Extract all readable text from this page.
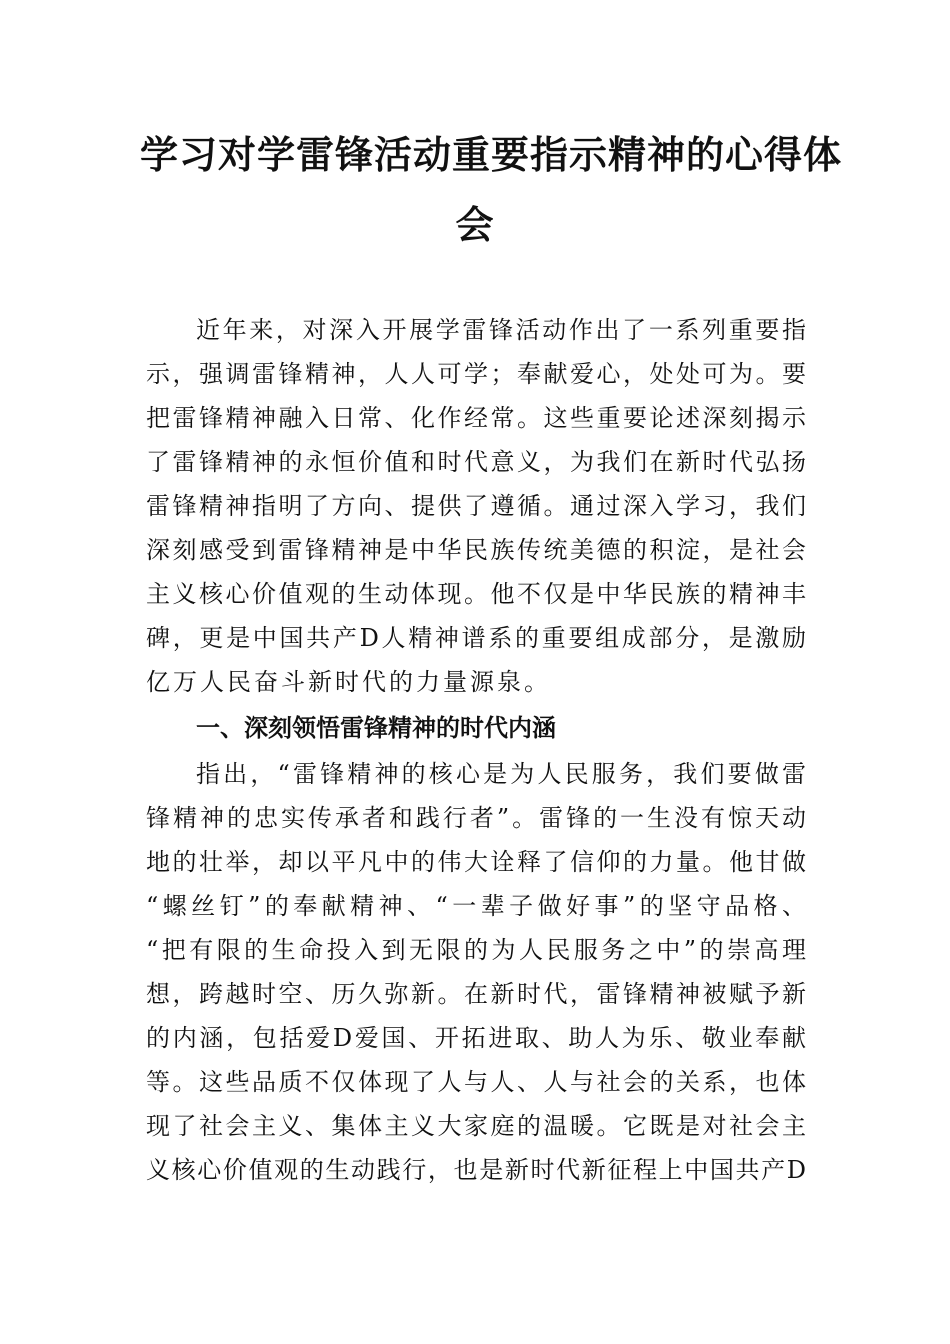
学习对学雷锋活动重要指示精神的心得体
会

近年来，对深入开展学雷锋活动作出了一系列重要指

示，强调雷锋精神，人人可学；奉献爱心，处处可为。要

把雷锋精神融入日常、化作经常。这些重要论述深刻揭示

了雷锋精神的永恒价值和时代意义，为我们在新时代弘扬

雷锋精神指明了方向、提供了遵循。通过深入学习，我们

深刻感受到雷锋精神是中华民族传统美德的积淀，是社会

主义核心价值观的生动体现。他不仅是中华民族的精神丰

碑，更是中国共产D人精神谱系的重要组成部分，是激励

亿万人民奋斗新时代的力量源泉。

一、深刻领悟雷锋精神的时代内涵

指出，“雷锋精神的核心是为人民服务，我们要做雷

锋精神的忠实传承者和践行者”。雷锋的一生没有惊天动

地的壮举，却以平凡中的伟大诠释了信仰的力量。他甘做

“螺丝钉”的奉献精神、“一辈子做好事”的坚守品格、

“把有限的生命投入到无限的为人民服务之中”的崇高理

想，跨越时空、历久弥新。在新时代，雷锋精神被赋予新

的内涵，包括爱D爱国、开拓进取、助人为乐、敬业奉献

等。这些品质不仅体现了人与人、人与社会的关系，也体

现了社会主义、集体主义大家庭的温暖。它既是对社会主

义核心价值观的生动践行，也是新时代新征程上中国共产D
